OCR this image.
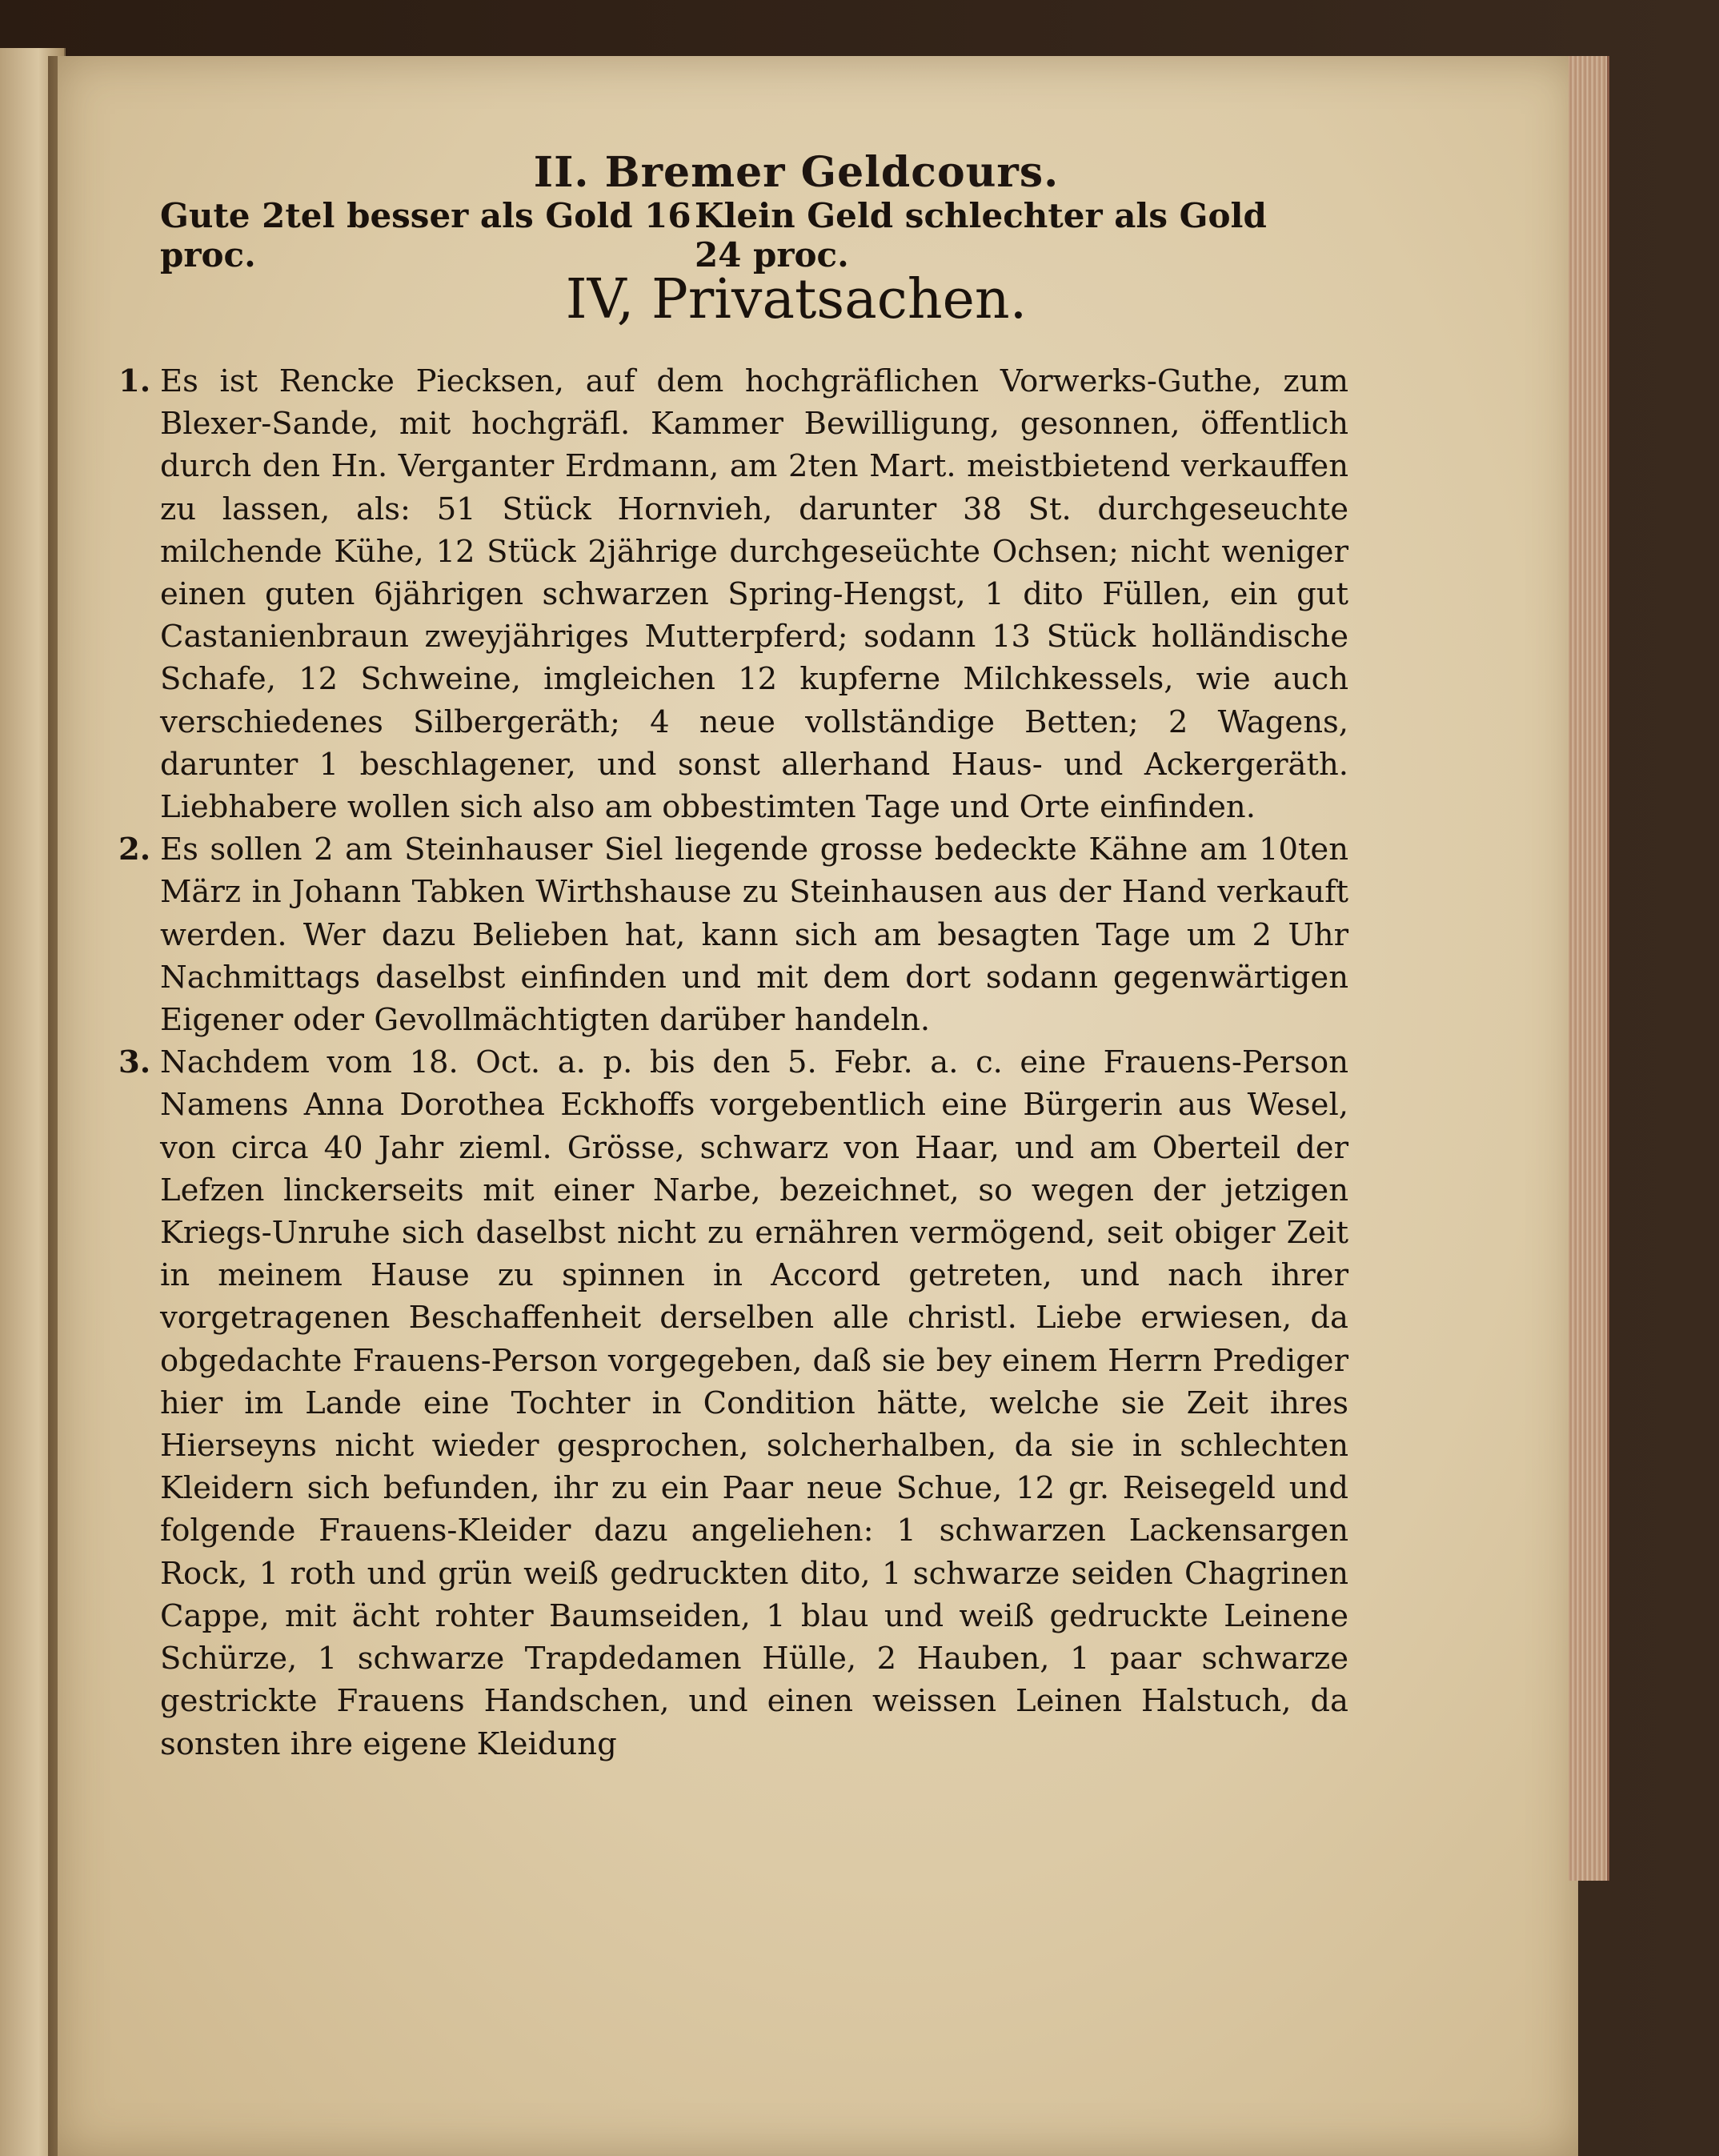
II. Bremer Geldcours.
Gute 2tel besser als Gold 16 proc.
Klein Geld schlechter als Gold 24 proc.
IV, Privatsachen.
1. Es ist Rencke Piecksen, auf dem hochgräflichen Vorwerks-Guthe, zum Blexer-Sande, mit hochgräfl. Kammer Bewilligung, gesonnen, öffentlich durch den Hn. Verganter Erdmann, am 2ten Mart. meistbietend verkauffen zu lassen, als: 51 Stück Hornvieh, darunter 38 St. durchgeseuchte milchende Kühe, 12 Stück 2jährige durchgeseüchte Ochsen; nicht weniger einen guten 6jährigen schwarzen Spring-Hengst, 1 dito Füllen, ein gut Castanienbraun zweyjähriges Mutterpferd; sodann 13 Stück holländische Schafe, 12 Schweine, imgleichen 12 kupferne Milchkessels, wie auch verschiedenes Silbergeräth; 4 neue vollständige Betten; 2 Wagens, darunter 1 beschlagener, und sonst allerhand Haus- und Ackergeräth. Liebhabere wollen sich also am obbestimten Tage und Orte einfinden.

2. Es sollen 2 am Steinhauser Siel liegende grosse bedeckte Kähne am 10ten März in Johann Tabken Wirthshause zu Steinhausen aus der Hand verkauft werden. Wer dazu Belieben hat, kann sich am besagten Tage um 2 Uhr Nachmittags daselbst einfinden und mit dem dort sodann gegenwärtigen Eigener oder Gevollmächtigten darüber handeln.

3. Nachdem vom 18. Oct. a. p. bis den 5. Febr. a. c. eine Frauens-Person Namens Anna Dorothea Eckhoffs vorgebentlich eine Bürgerin aus Wesel, von circa 40 Jahr zieml. Grösse, schwarz von Haar, und am Oberteil der Lefzen linckerseits mit einer Narbe, bezeichnet, so wegen der jetzigen Kriegs-Unruhe sich daselbst nicht zu ernähren vermögend, seit obiger Zeit in meinem Hause zu spinnen in Accord getreten, und nach ihrer vorgetragenen Beschaffenheit derselben alle christl. Liebe erwiesen, da obgedachte Frauens-Person vorgegeben, daß sie bey einem Herrn Prediger hier im Lande eine Tochter in Condition hätte, welche sie Zeit ihres Hierseyns nicht wieder gesprochen, solcherhalben, da sie in schlechten Kleidern sich befunden, ihr zu ein Paar neue Schue, 12 gr. Reisegeld und folgende Frauens-Kleider dazu angeliehen: 1 schwarzen Lackensargen Rock, 1 roth und grün weiß gedruckten dito, 1 schwarze seiden Chagrinen Cappe, mit ächt rohter Baumseiden, 1 blau und weiß gedruckte Leinene Schürze, 1 schwarze Trapdedamen Hülle, 2 Hauben, 1 paar schwarze gestrickte Frauens Handschen, und einen weissen Leinen Halstuch, da sonsten ihre eigene Kleidung
